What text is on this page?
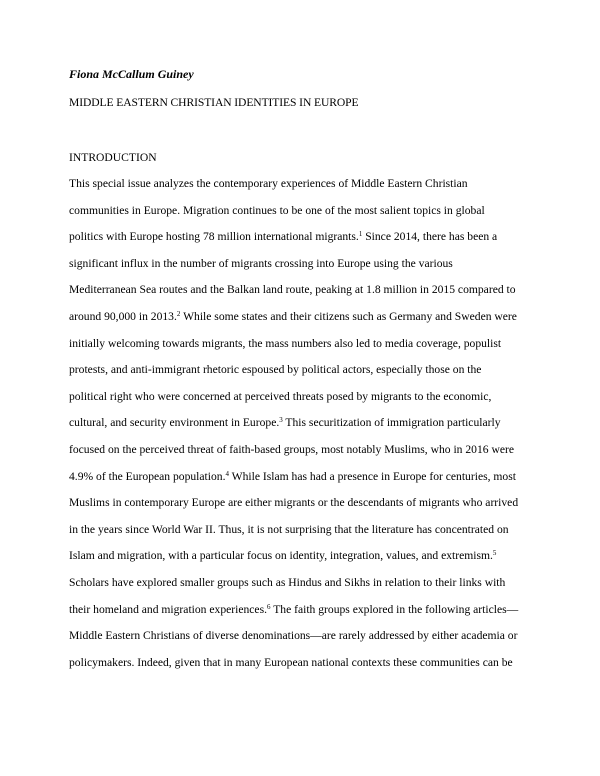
Fiona McCallum Guiney

MIDDLE EASTERN CHRISTIAN IDENTITIES IN EUROPE

INTRODUCTION

This special issue analyzes the contemporary experiences of Middle Eastern Christian

communities in Europe. Migration continues to be one of the most salient topics in global

politics with Europe hosting 78 million international migrants.$^1$ Since 2014, there has been a

significant influx in the number of migrants crossing into Europe using the various

Mediterranean Sea routes and the Balkan land route, peaking at 1.8 million in 2015 compared to

around 90,000 in 2013.$^2$ While some states and their citizens such as Germany and Sweden were

initially welcoming towards migrants, the mass numbers also led to media coverage, populist

protests, and anti-immigrant rhetoric espoused by political actors, especially those on the

political right who were concerned at perceived threats posed by migrants to the economic,

cultural, and security environment in Europe.$^3$ This securitization of immigration particularly

focused on the perceived threat of faith-based groups, most notably Muslims, who in 2016 were

4.9% of the European population.$^4$ While Islam has had a presence in Europe for centuries, most

Muslims in contemporary Europe are either migrants or the descendants of migrants who arrived

in the years since World War II. Thus, it is not surprising that the literature has concentrated on

Islam and migration, with a particular focus on identity, integration, values, and extremism.$^5$

Scholars have explored smaller groups such as Hindus and Sikhs in relation to their links with

their homeland and migration experiences.$^6$ The faith groups explored in the following articles—

Middle Eastern Christians of diverse denominations—are rarely addressed by either academia or

policymakers. Indeed, given that in many European national contexts these communities can be
